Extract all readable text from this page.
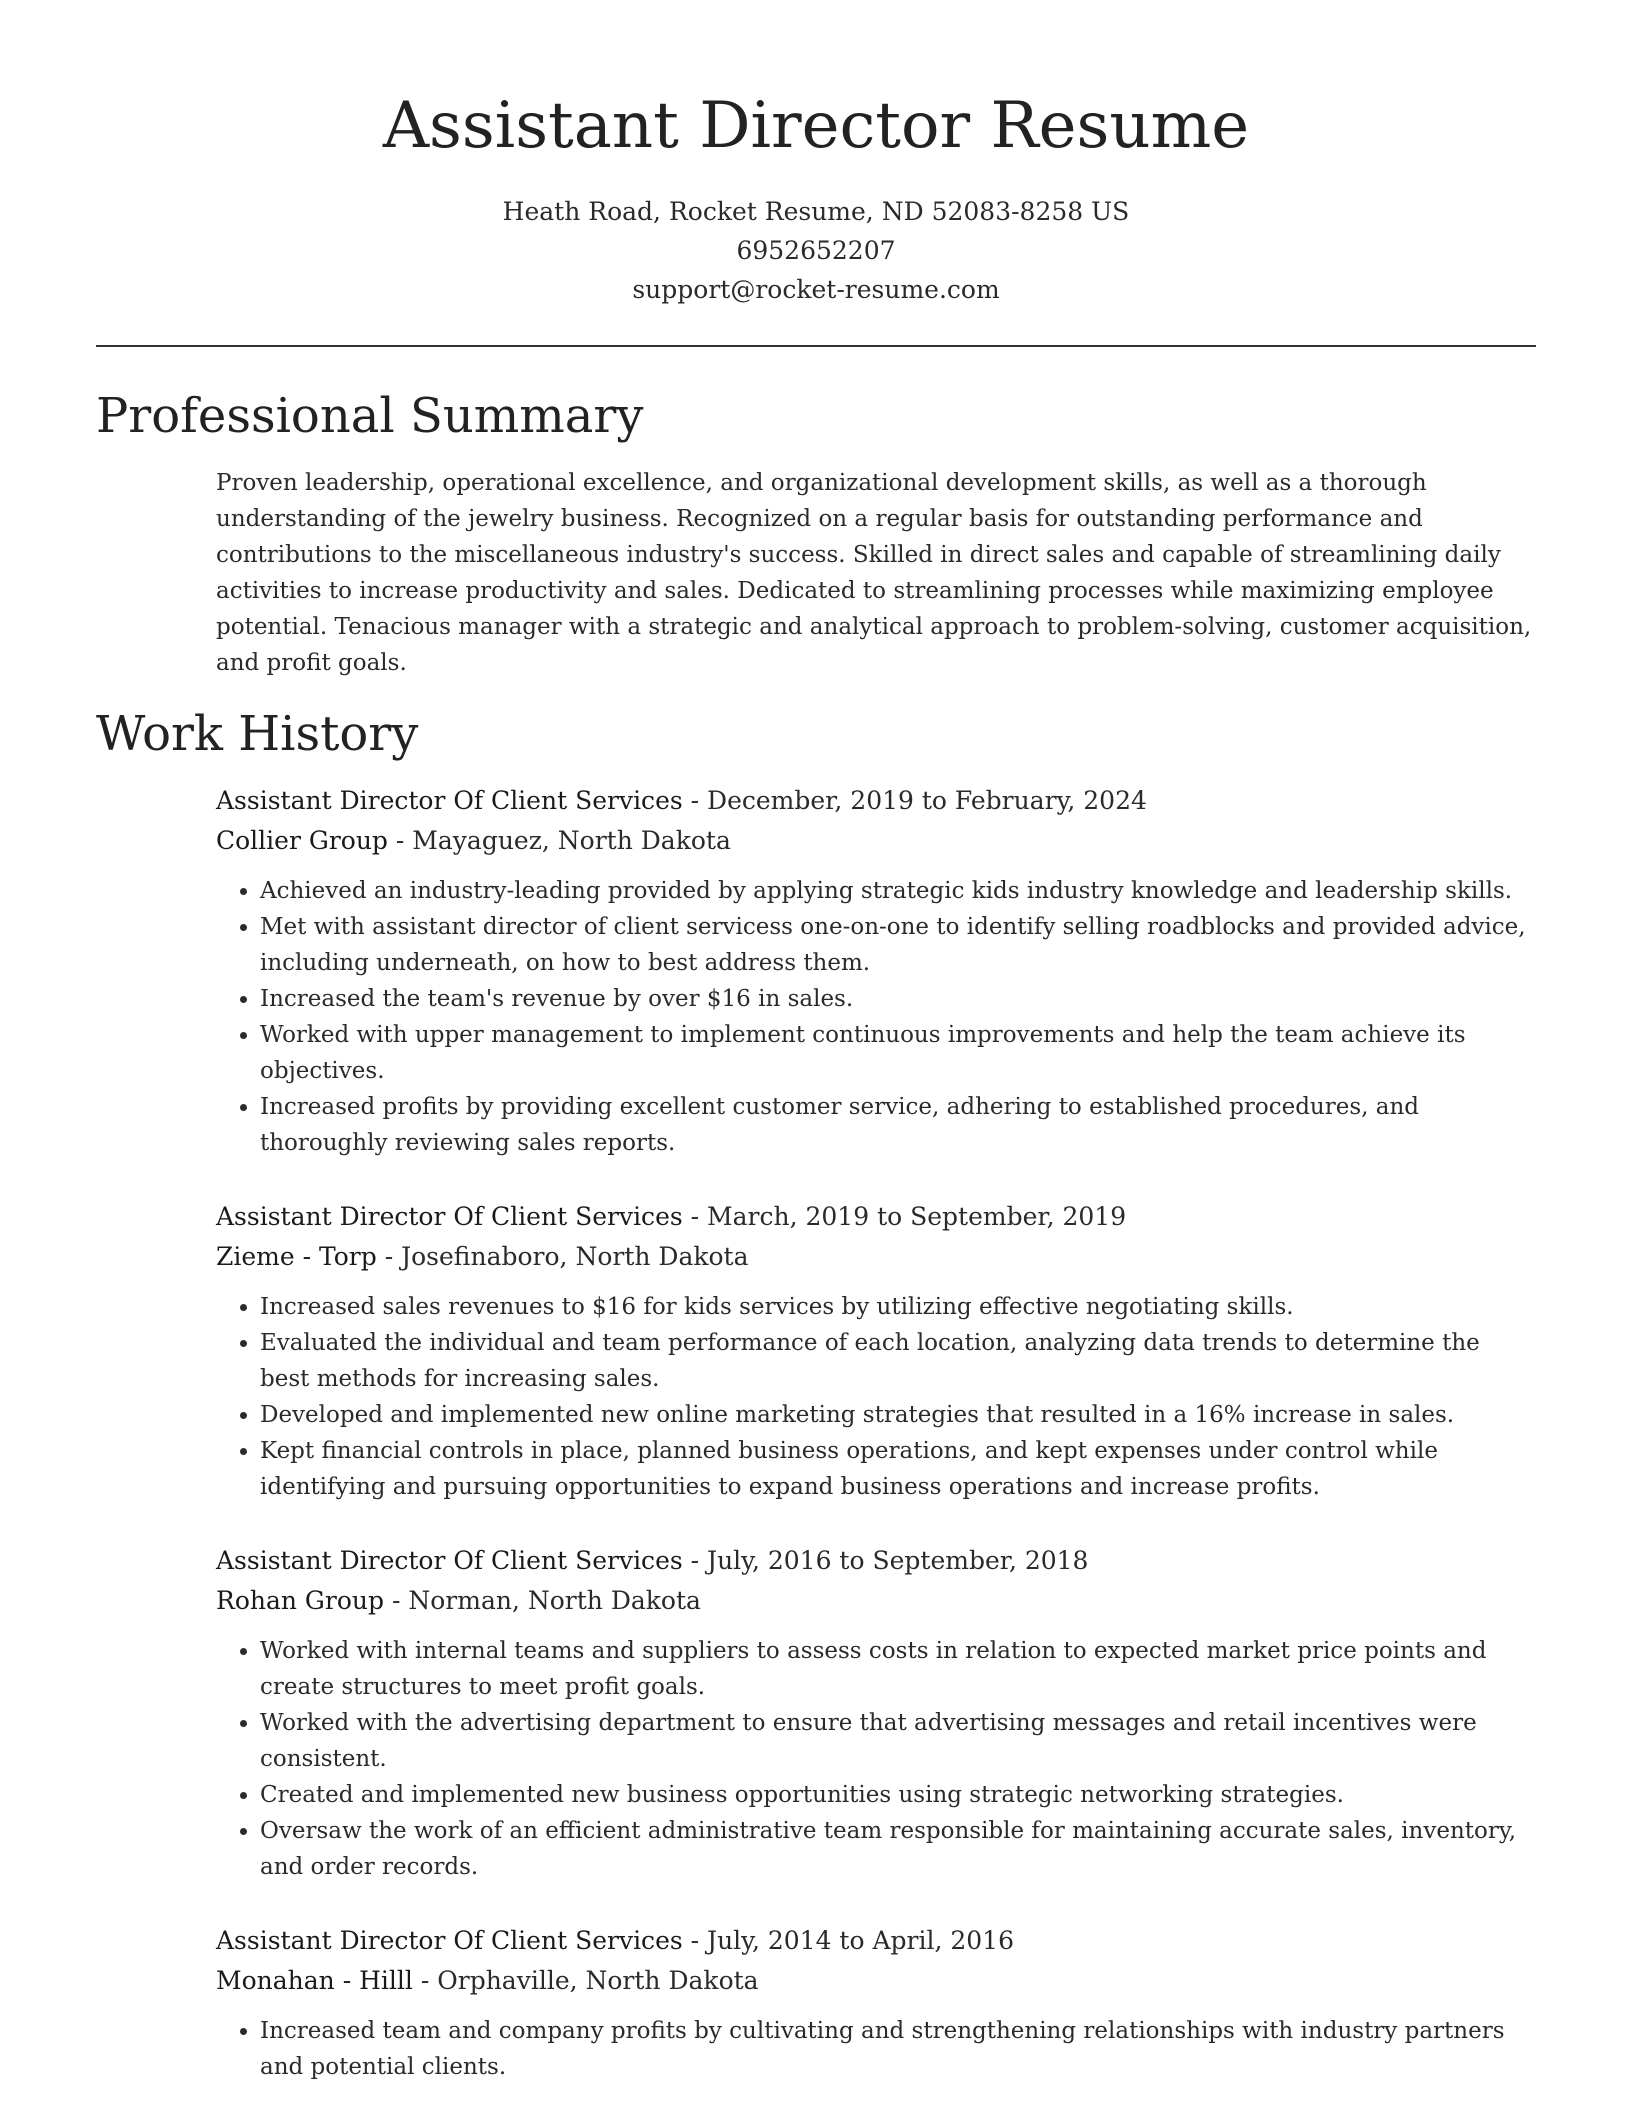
Assistant Director Resume
Heath Road, Rocket Resume, ND 52083-8258 US
6952652207
support@rocket-resume.com
Professional Summary

Proven leadership, operational excellence, and organizational development skills, as well as a thorough understanding of the jewelry business. Recognized on a regular basis for outstanding performance and contributions to the miscellaneous industry's success. Skilled in direct sales and capable of streamlining daily activities to increase productivity and sales. Dedicated to streamlining processes while maximizing employee potential. Tenacious manager with a strategic and analytical approach to problem-solving, customer acquisition, and profit goals.

Work History
Assistant Director Of Client Services - December, 2019 to February, 2024
Collier Group - Mayaguez, North Dakota
• Achieved an industry-leading provided by applying strategic kids industry knowledge and leadership skills.
• Met with assistant director of client servicess one-on-one to identify selling roadblocks and provided advice, including underneath, on how to best address them.
• Increased the team's revenue by over $16 in sales.
• Worked with upper management to implement continuous improvements and help the team achieve its objectives.
• Increased profits by providing excellent customer service, adhering to established procedures, and thoroughly reviewing sales reports.
Assistant Director Of Client Services - March, 2019 to September, 2019
Zieme - Torp - Josefinaboro, North Dakota
• Increased sales revenues to $16 for kids services by utilizing effective negotiating skills.
• Evaluated the individual and team performance of each location, analyzing data trends to determine the best methods for increasing sales.
• Developed and implemented new online marketing strategies that resulted in a 16% increase in sales.
• Kept financial controls in place, planned business operations, and kept expenses under control while identifying and pursuing opportunities to expand business operations and increase profits.
Assistant Director Of Client Services - July, 2016 to September, 2018
Rohan Group - Norman, North Dakota
• Worked with internal teams and suppliers to assess costs in relation to expected market price points and create structures to meet profit goals.
• Worked with the advertising department to ensure that advertising messages and retail incentives were consistent.
• Created and implemented new business opportunities using strategic networking strategies.
• Oversaw the work of an efficient administrative team responsible for maintaining accurate sales, inventory, and order records.
Assistant Director Of Client Services - July, 2014 to April, 2016
Monahan - Hilll - Orphaville, North Dakota
• Increased team and company profits by cultivating and strengthening relationships with industry partners and potential clients.
